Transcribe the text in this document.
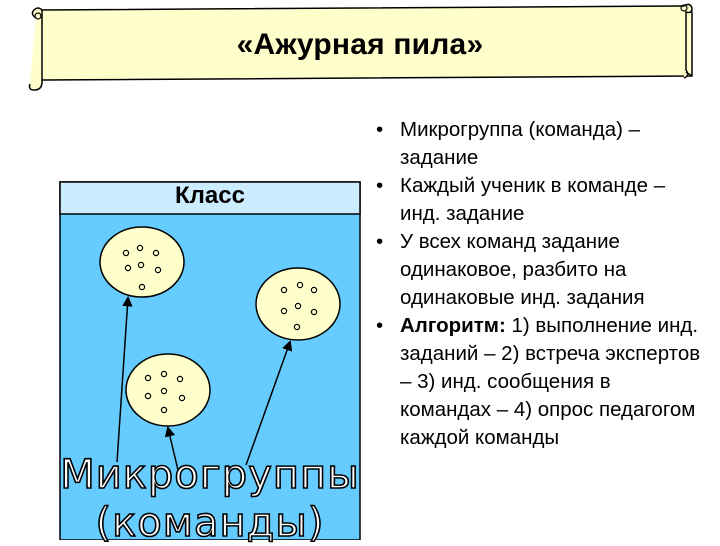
«Ажурная пила»
Класс
Микрогруппы
(команды)
• Микрогруппа (команда) – задание
• Каждый ученик в команде – инд. задание
• У всех команд задание одинаковое, разбито на одинаковые инд. задания
• Алгоритм: 1) выполнение инд. заданий – 2) встреча экспертов – 3) инд. сообщения в командах – 4) опрос педагогом каждой команды
